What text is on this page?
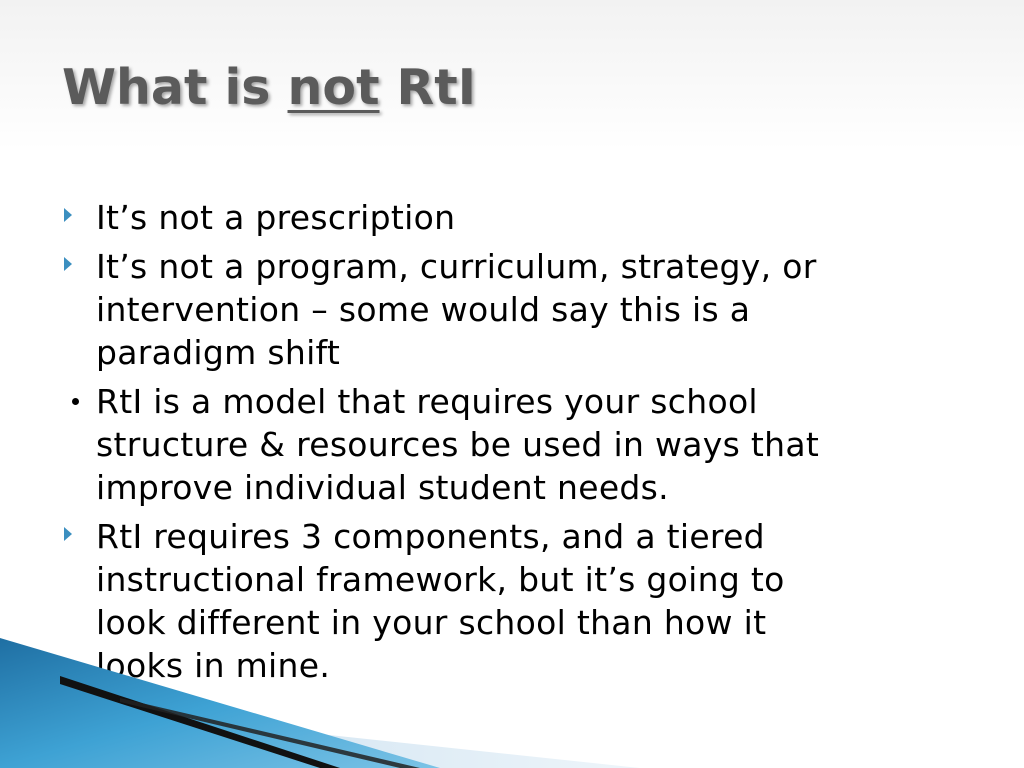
What is not RtI
It’s not a prescription
It’s not a program, curriculum, strategy, or
intervention – some would say this is a
paradigm shift
RtI is a model that requires your school
structure & resources be used in ways that
improve individual student needs.
RtI requires 3 components, and a tiered
instructional framework, but it’s going to
look different in your school than how it
looks in mine.
